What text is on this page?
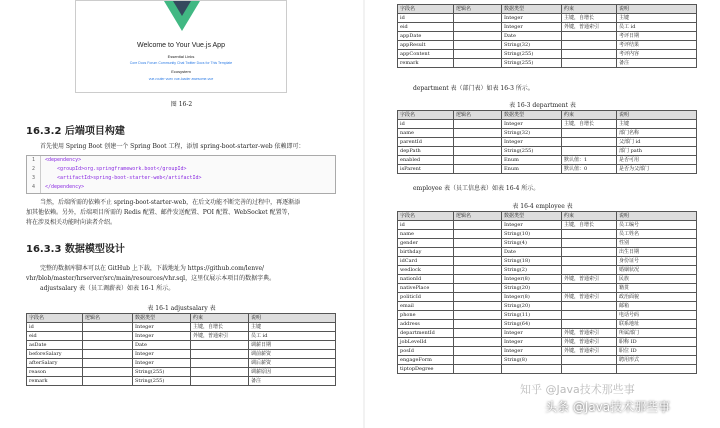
Welcome to Your Vue.js App
Essential Links
Core Docs Forum Community Chat Twitter Docs for This Template
Ecosystem
vue-router vuex vue-loader awesome-vue
图 16-2
16.3.2 后端项目构建
首先使用 Spring Boot 创建一个 Spring Boot 工程，添加 spring-boot-starter-web 依赖即可：
1
2
3
4
<dependency>
<groupId>org.springframework.boot</groupId>
<artifactId>spring-boot-starter-web</artifactId>
</dependency>
当然，后端所需的依赖不止 spring-boot-starter-web，在后文功能不断完善的过程中，再逐渐添
加其他依赖。另外，后端项目所需的 Redis 配置、邮件发送配置、POI 配置、WebSocket 配置等，
将在涉及相关功能时向读者介绍。
16.3.3 数据模型设计
完整的数据库脚本可以在 GitHub 上下载，下载地址为 https://github.com/lenve/
vhr/blob/master/hrserver/src/main/resources/vhr.sql，这里仅展示本项目的数据字典。
adjustsalary 表（员工调薪表）如表 16-1 所示。
表 16-1 adjustsalary 表
字段名	逻辑名	数据类型	约束	说明
id		Integer	主键，自增长	主键
eid		Integer	外键，普通索引	员工 id
asDate		Date		调薪日期
beforeSalary		Integer		调前薪资
afterSalary		Integer		调后薪资
reason		String(255)		调薪原因
remark		String(255)		备注
字段名	逻辑名	数据类型	约束	说明
id		Integer	主键，自增长	主键
eid		Integer	外键，普通索引	员工 id
appDate		Date		考评日期
appResult		String(32)		考评结果
appContent		String(255)		考评内容
remark		String(255)		备注
department 表（部门表）如表 16-3 所示。
表 16-3 department 表
字段名	逻辑名	数据类型	约束	说明
id		Integer	主键，自增长	主键
name		String(32)		部门名称
parentId		Integer		父部门 id
depPath		String(255)		部门 path
enabled		Enum	默认值：1	是否可用
isParent		Enum	默认值：0	是否为父部门
employee 表（员工信息表）如表 16-4 所示。
表 16-4 employee 表
字段名	逻辑名	数据类型	约束	说明
id		Integer	主键，自增长	员工编号
name		String(10)		员工姓名
gender		String(4)		性别
birthday		Date		出生日期
idCard		String(18)		身份证号
wedlock		String(2)		婚姻状况
nationId		Integer(8)	外键，普通索引	民族
nativePlace		String(20)		籍贯
politicId		Integer(8)	外键，普通索引	政治面貌
email		String(20)		邮箱
phone		String(11)		电话号码
address		String(64)		联系地址
departmentId		Integer	外键，普通索引	所属部门
jobLevelId		Integer	外键，普通索引	职称 ID
posId		Integer	外键，普通索引	职位 ID
engageForm		String(8)		聘用形式
tiptopDegree				
知乎 @Java技术那些事
头条 @Java技术那些事
